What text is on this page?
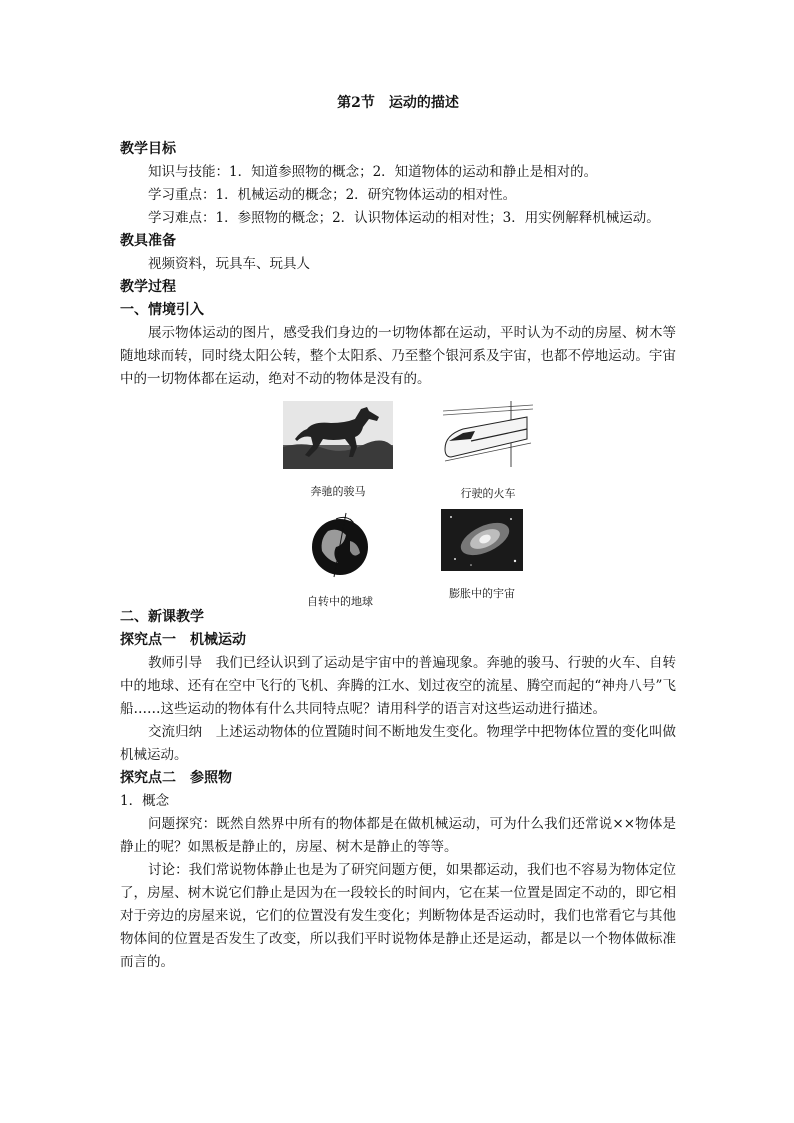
第2节　运动的描述
教学目标

知识与技能：1．知道参照物的概念；2．知道物体的运动和静止是相对的。

学习重点：1．机械运动的概念；2．研究物体运动的相对性。

学习难点：1．参照物的概念；2．认识物体运动的相对性；3．用实例解释机械运动。

教具准备

视频资料，玩具车、玩具人

教学过程
一、情境引入

展示物体运动的图片，感受我们身边的一切物体都在运动，平时认为不动的房屋、树木等随地球而转，同时绕太阳公转，整个太阳系、乃至整个银河系及宇宙，也都不停地运动。宇宙中的一切物体都在运动，绝对不动的物体是没有的。

奔驰的骏马	行驶的火车
自转中的地球
膨胀中的宇宙
二、新课教学
探究点一　机械运动

教师引导　我们已经认识到了运动是宇宙中的普遍现象。奔驰的骏马、行驶的火车、自转中的地球、还有在空中飞行的飞机、奔腾的江水、划过夜空的流星、腾空而起的“神舟八号”飞船……这些运动的物体有什么共同特点呢？请用科学的语言对这些运动进行描述。

交流归纳　上述运动物体的位置随时间不断地发生变化。物理学中把物体位置的变化叫做机械运动。

探究点二　参照物

1．概念

问题探究：既然自然界中所有的物体都是在做机械运动，可为什么我们还常说××物体是静止的呢？如黑板是静止的，房屋、树木是静止的等等。

讨论：我们常说物体静止也是为了研究问题方便，如果都运动，我们也不容易为物体定位了，房屋、树木说它们静止是因为在一段较长的时间内，它在某一位置是固定不动的，即它相对于旁边的房屋来说，它们的位置没有发生变化；判断物体是否运动时，我们也常看它与其他物体间的位置是否发生了改变，所以我们平时说物体是静止还是运动，都是以一个物体做标准而言的。
